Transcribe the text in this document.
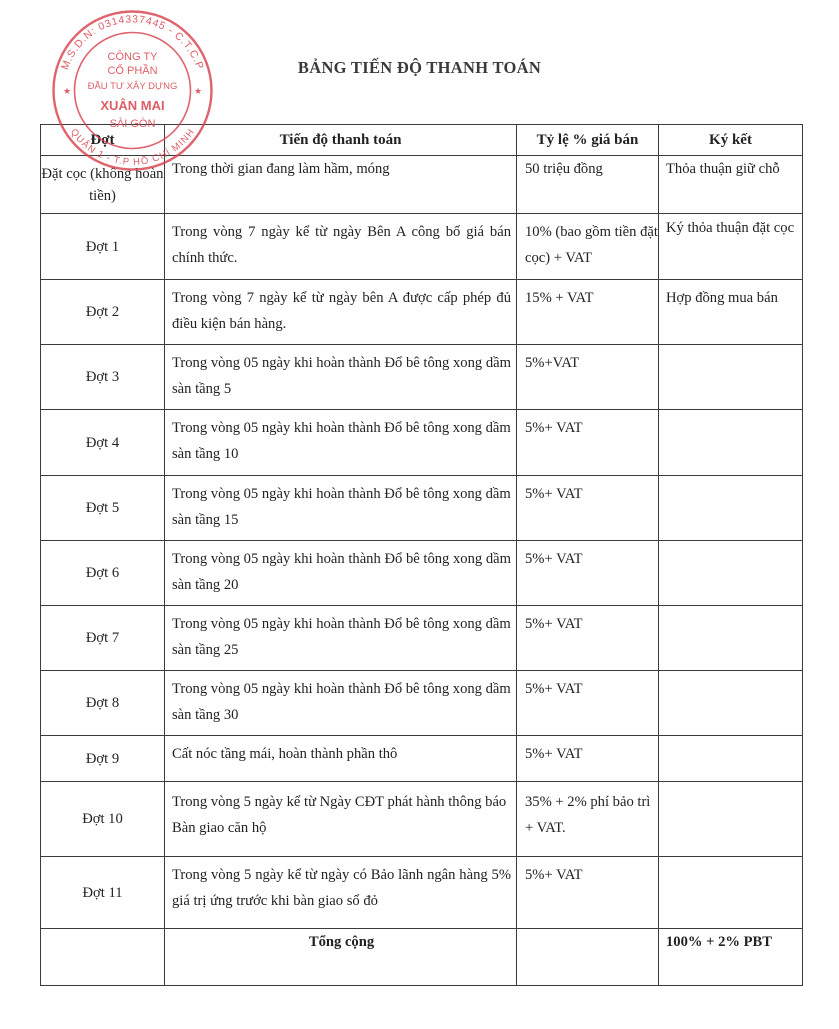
BẢNG TIẾN ĐỘ THANH TOÁN
Đợt	Tiến độ thanh toán	Tỷ lệ % giá bán	Ký kết
Đặt cọc (không hoàn tiền)	Trong thời gian đang làm hầm, móng	50 triệu đồng	Thỏa thuận giữ chỗ
Đợt 1	Trong vòng 7 ngày kể từ ngày Bên A công bố giá bán chính thức.	10% (bao gồm tiền đặt cọc) + VAT	Ký thỏa thuận đặt cọc
Đợt 2	Trong vòng 7 ngày kể từ ngày bên A được cấp phép đủ điều kiện bán hàng.	15% + VAT	Hợp đồng mua bán
Đợt 3	Trong vòng 05 ngày khi hoàn thành Đổ bê tông xong dầm sàn tầng 5	5%+VAT	
Đợt 4	Trong vòng 05 ngày khi hoàn thành Đổ bê tông xong dầm sàn tầng 10	5%+ VAT	
Đợt 5	Trong vòng 05 ngày khi hoàn thành Đổ bê tông xong dầm sàn tầng 15	5%+ VAT	
Đợt 6	Trong vòng 05 ngày khi hoàn thành Đổ bê tông xong dầm sàn tầng 20	5%+ VAT	
Đợt 7	Trong vòng 05 ngày khi hoàn thành Đổ bê tông xong dầm sàn tầng 25	5%+ VAT	
Đợt 8	Trong vòng 05 ngày khi hoàn thành Đổ bê tông xong dầm sàn tầng 30	5%+ VAT	
Đợt 9	Cất nóc tầng mái, hoàn thành phần thô	5%+ VAT	
Đợt 10	Trong vòng 5 ngày kể từ Ngày CĐT phát hành thông báo Bàn giao căn hộ	35% + 2% phí bảo trì + VAT.	
Đợt 11	Trong vòng 5 ngày kể từ ngày có Bảo lãnh ngân hàng 5% giá trị ứng trước khi bàn giao sổ đỏ	5%+ VAT	
	Tổng cộng		100% + 2% PBT
M.S.D.N: 0314337445 - C.T.C.P
QUẬN 1 - T.P HỒ CHÍ MINH
★	★
CÔNG TY
CỔ PHẦN
ĐẦU TƯ XÂY DỰNG
XUÂN MAI
SÀI GÒN
